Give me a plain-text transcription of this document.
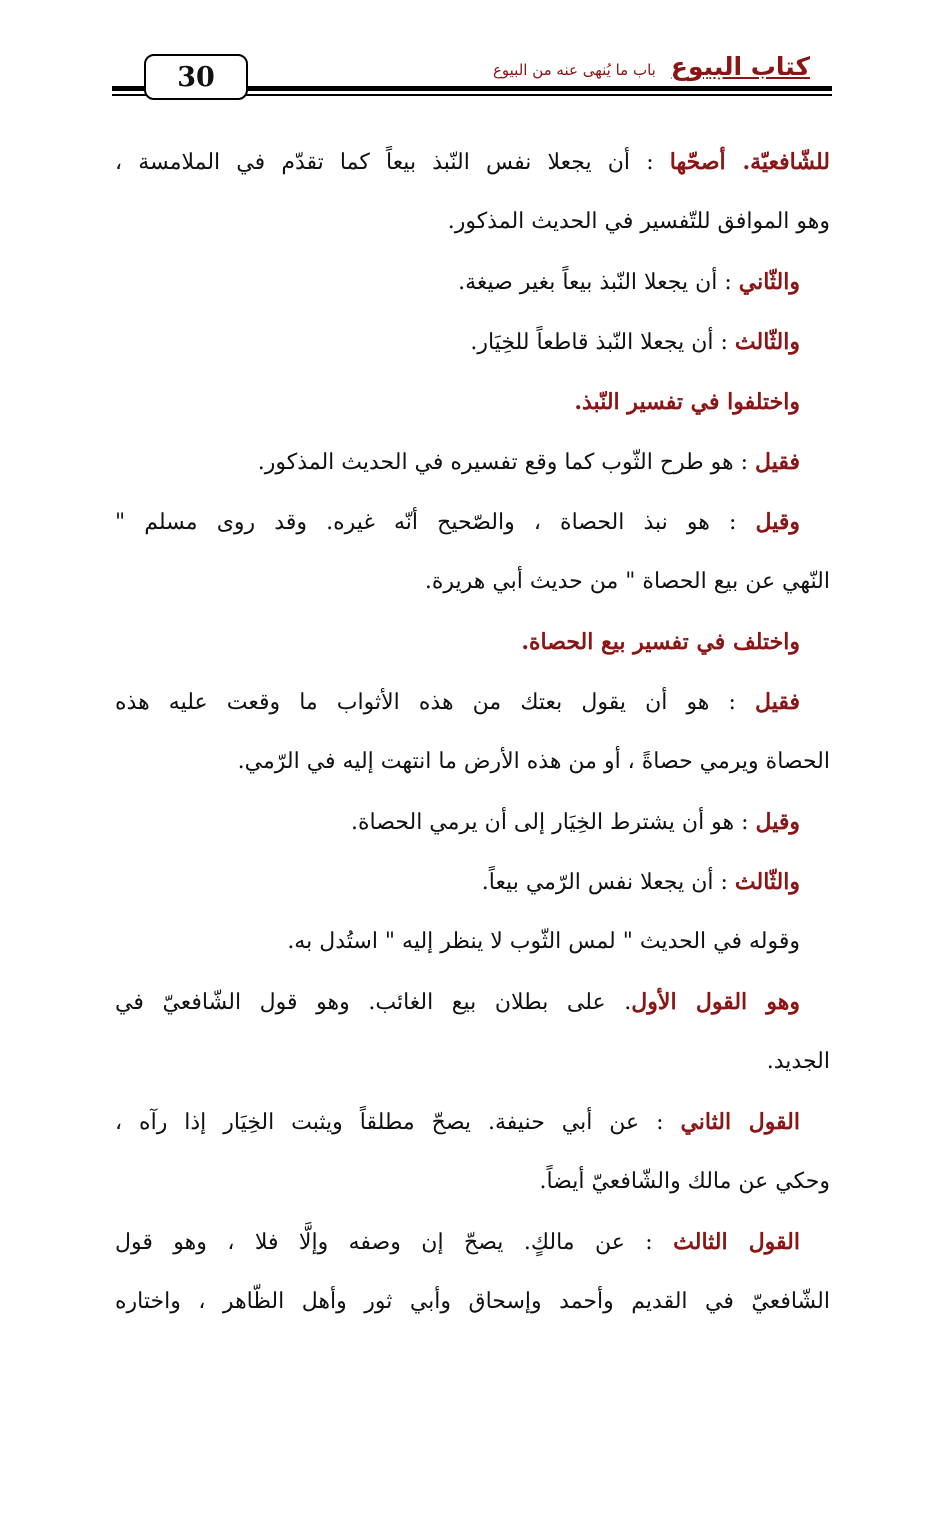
30	كتاب البيوع باب ما يُنهى عنه من البيوع
للشّافعيّة. أصحّها : أن يجعلا نفس النّبذ بيعاً كما تقدّم في الملامسة ،
وهو الموافق للتّفسير في الحديث المذكور.
والثّاني : أن يجعلا النّبذ بيعاً بغير صيغة.
والثّالث : أن يجعلا النّبذ قاطعاً للخِيَار.
واختلفوا في تفسير النّبذ.
فقيل : هو طرح الثّوب كما وقع تفسيره في الحديث المذكور.
وقيل : هو نبذ الحصاة ، والصّحيح أنّه غيره. وقد روى مسلم "
النّهي عن بيع الحصاة " من حديث أبي هريرة.
واختلف في تفسير بيع الحصاة.
فقيل : هو أن يقول بعتك من هذه الأثواب ما وقعت عليه هذه
الحصاة ويرمي حصاةً ، أو من هذه الأرض ما انتهت إليه في الرّمي.
وقيل : هو أن يشترط الخِيَار إلى أن يرمي الحصاة.
والثّالث : أن يجعلا نفس الرّمي بيعاً.
وقوله في الحديث " لمس الثّوب لا ينظر إليه " استُدل به.
وهو القول الأول. على بطلان بيع الغائب. وهو قول الشّافعيّ في
الجديد.
القول الثاني : عن أبي حنيفة. يصحّ مطلقاً ويثبت الخِيَار إذا رآه ،
وحكي عن مالك والشّافعيّ أيضاً.
القول الثالث : عن مالكٍ. يصحّ إن وصفه وإلَّا فلا ، وهو قول
الشّافعيّ في القديم وأحمد وإسحاق وأبي ثور وأهل الظّاهر ، واختاره
